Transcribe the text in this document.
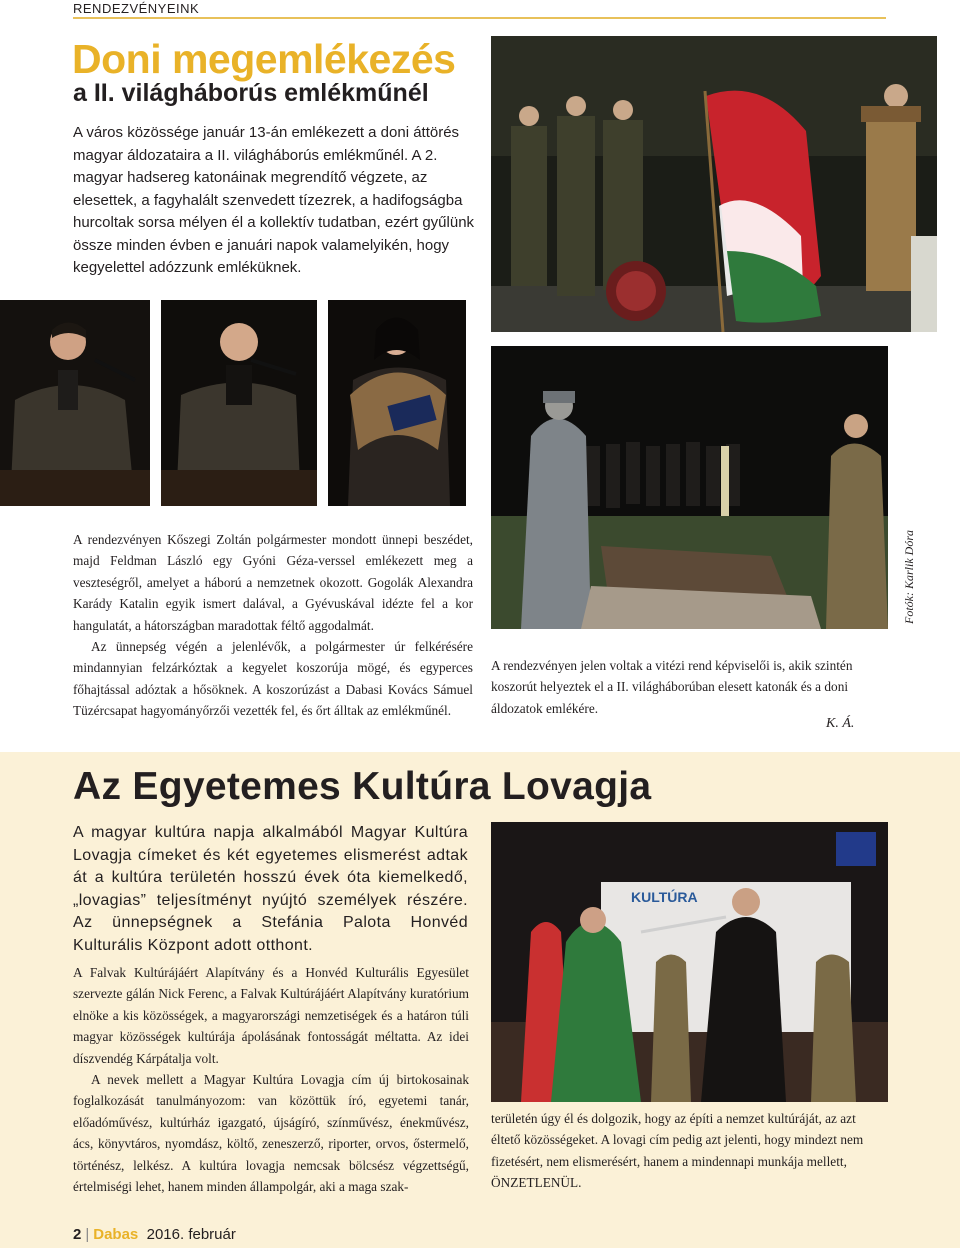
RENDEZVÉNYEINK
Doni megemlékezés
a II. világháborús emlékműnél
A város közössége január 13-án emlékezett a doni áttörés magyar áldozataira a II. világháborús emlékműnél. A 2. magyar hadsereg katonáinak megrendítő végzete, az elesettek, a fagyhalált szenvedett tízezrek, a hadifogságba hurcoltak sorsa mélyen él a kollektív tudatban, ezért gyűlünk össze minden évben e januári napok valamelyikén, hogy kegyelettel adózzunk emléküknek.

A rendezvényen Kőszegi Zoltán polgármester mondott ünnepi beszédet, majd Feldman László egy Gyóni Géza-verssel emlékezett meg a veszteségről, amelyet a háború a nemzetnek okozott. Gogolák Alexandra Karády Katalin egyik ismert dalával, a Gyévuskával idézte fel a kor hangulatát, a hátországban maradottak féltő aggodalmát.

Az ünnepség végén a jelenlévők, a polgármester úr felkérésére mindannyian felzárkóztak a kegyelet koszorúja mögé, és egyperces főhajtással adóztak a hősöknek. A koszorúzást a Dabasi Kovács Sámuel Tüzércsapat hagyományőrzői vezették fel, és őrt álltak az emlékműnél.

A rendezvényen jelen voltak a vitézi rend képviselői is, akik szintén koszorút helyeztek el a II. világháborúban elesett katonák és a doni áldozatok emlékére.
K. Á.
Fotók: Karlik Dóra
Az Egyetemes Kultúra Lovagja
A magyar kultúra napja alkalmából Magyar Kultúra Lovagja címeket és két egyetemes elismerést adtak át a kultúra területén hosszú évek óta kiemelkedő, „lovagias” teljesítményt nyújtó személyek részére. Az ünnepségnek a Stefánia Palota Honvéd Kulturális Központ adott otthont.
KULTÚRA

A Falvak Kultúrájáért Alapítvány és a Honvéd Kulturális Egyesület szervezte gálán Nick Ferenc, a Falvak Kultúrájáért Alapítvány kuratórium elnöke a kis közösségek, a magyarországi nemzetiségek és a határon túli magyar közösségek kultúrája ápolásának fontosságát méltatta. Az idei díszvendég Kárpátalja volt.

A nevek mellett a Magyar Kultúra Lovagja cím új birtokosainak foglalkozását tanulmányozom: van közöttük író, egyetemi tanár, előadóművész, kultúrház igazgató, újságíró, színművész, énekművész, ács, könyvtáros, nyomdász, költő, zeneszerző, riporter, orvos, őstermelő, történész, lelkész. A kultúra lovagja nemcsak bölcsész végzettségű, értelmiségi lehet, hanem minden állampolgár, aki a maga szak-

területén úgy él és dolgozik, hogy az építi a nemzet kultúráját, az azt éltető közösségeket. A lovagi cím pedig azt jelenti, hogy mindezt nem fizetésért, nem elismerésért, hanem a mindennapi munkája mellett, ÖNZETLENÜL.
2 | Dabas 2016. február
